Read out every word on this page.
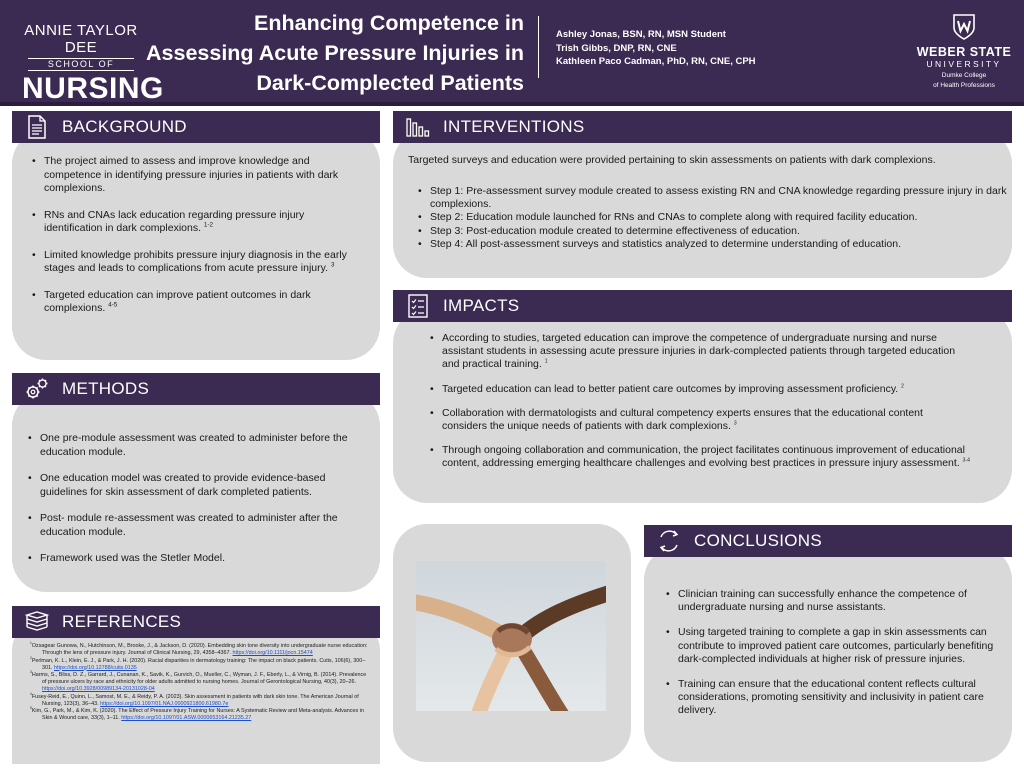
ANNIE TAYLOR DEE
SCHOOL OF
NURSING
Enhancing Competence in Assessing Acute Pressure Injuries in Dark-Complected Patients
Ashley Jonas, BSN, RN, MSN Student
Trish Gibbs, DNP, RN, CNE
Kathleen Paco Cadman, PhD, RN, CNE, CPH
WEBER STATE
UNIVERSITY
Dumke College
of Health Professions
BACKGROUND
• The project aimed to assess and improve knowledge and competence in identifying pressure injuries in patients with dark complexions.
• RNs and CNAs lack education regarding pressure injury identification in dark complexions. $^{1-2}$
• Limited knowledge prohibits pressure injury diagnosis in the early stages and leads to complications from acute pressure injury. $^3$
• Targeted education can improve patient outcomes in dark complexions. $^{4-5}$
METHODS
• One pre-module assessment was created to administer before the education module.
• One education model was created to provide evidence-based guidelines for skin assessment of dark completed patients.
• Post- module re-assessment was created to administer after the education module.
• Framework used was the Stetler Model.
REFERENCES

$^1$Ozsagear Gunowa, N., Hutchinson, M., Brooke, J., & Jackson, D. (2020). Embedding skin tone diversity into undergraduate nurse education: Through the lens of pressure injury. Journal of Clinical Nursing, 29, 4358–4367. https://doi.org/10.1111/jocn.15474

$^2$Perlman, K. L., Klein, E. J., & Park, J. H. (2020). Racial disparities in dermatology training: The impact on black patients. Cutis, 106(6), 300–301. https://doi.org/10.12788/cutis.0135

$^3$Harms, S., Bliss, D. Z., Garrard, J., Cunanan, K., Savik, K., Gurvich, O., Mueller, C., Wyman, J. F., Eberly, L., & Virnig, B. (2014). Prevalence of pressure ulcers by race and ethnicity for older adults admitted to nursing homes. Journal of Gerontological Nursing, 40(3), 20–26. https://doi.org/10.3928/00989134-20131028-04

$^4$Fusey-Reid, E., Quinn, L., Samost, M. E., & Reidy, P. A. (2023). Skin assessment in patients with dark skin tone. The American Journal of Nursing, 123(3), 36–43. https://doi.org/10.1097/01.NAJ.0000921800.61980.7e

$^5$Kim, G., Park, M., & Kim, K. (2020). The Effect of Pressure Injury Training for Nurses: A Systematic Review and Meta-analysis. Advances in Skin & Wound care, 33(3), 1–11. https://doi.org/10.1097/01.ASW.0000653164.21235.27

INTERVENTIONS
Targeted surveys and education were provided pertaining to skin assessments on patients with dark complexions.
• Step 1: Pre-assessment survey module created to assess existing RN and CNA knowledge regarding pressure injury in dark complexions.
• Step 2: Education module launched for RNs and CNAs to complete along with required facility education.
• Step 3: Post-education module created to determine effectiveness of education.
• Step 4: All post-assessment surveys and statistics analyzed to determine understanding of education.
IMPACTS
• According to studies, targeted education can improve the competence of undergraduate nursing and nurse assistant students in assessing acute pressure injuries in dark-complected patients through targeted education and practical training. $^1$
• Targeted education can lead to better patient care outcomes by improving assessment proficiency. $^2$
• Collaboration with dermatologists and cultural competency experts ensures that the educational content considers the unique needs of patients with dark complexions. $^3$
• Through ongoing collaboration and communication, the project facilitates continuous improvement of educational content, addressing emerging healthcare challenges and evolving best practices in pressure injury assessment. $^{3-4}$
CONCLUSIONS
• Clinician training can successfully enhance the competence of undergraduate nursing and nurse assistants.
• Using targeted training to complete a gap in skin assessments can contribute to improved patient care outcomes, particularly benefiting dark-complected individuals at higher risk of pressure injuries.
• Training can ensure that the educational content reflects cultural considerations, promoting sensitivity and inclusivity in patient care delivery.
